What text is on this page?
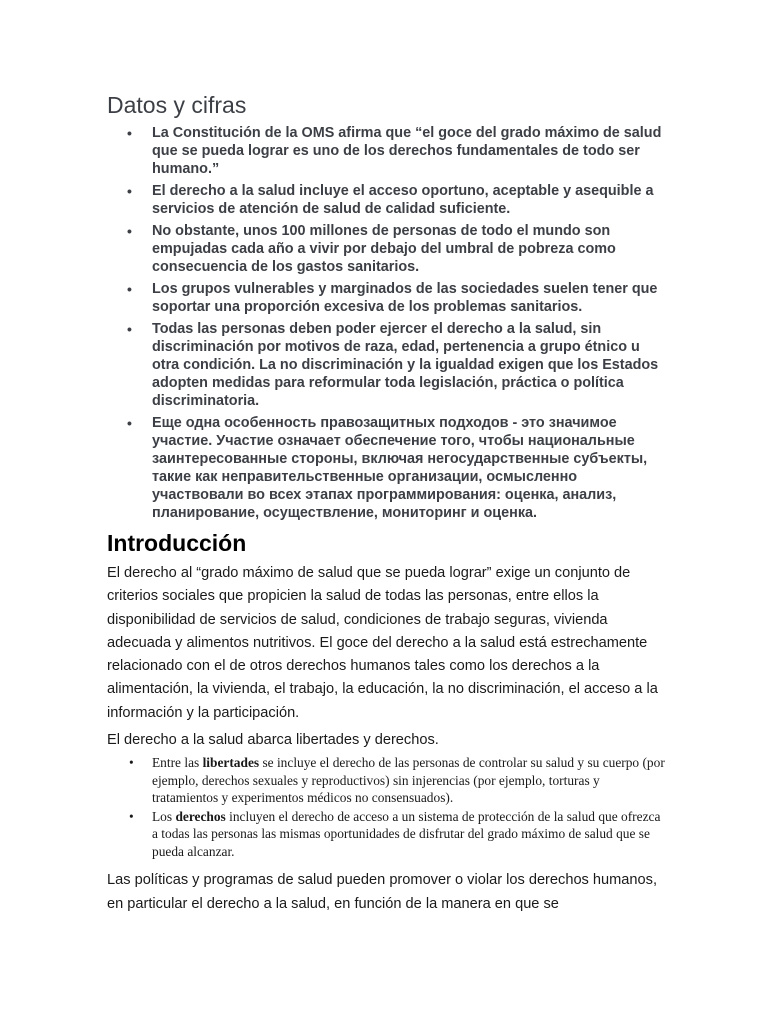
Datos y cifras
• La Constitución de la OMS afirma que “el goce del grado máximo de salud que se pueda lograr es uno de los derechos fundamentales de todo ser humano.”
• El derecho a la salud incluye el acceso oportuno, aceptable y asequible a servicios de atención de salud de calidad suficiente.
• No obstante, unos 100 millones de personas de todo el mundo son empujadas cada año a vivir por debajo del umbral de pobreza como consecuencia de los gastos sanitarios.
• Los grupos vulnerables y marginados de las sociedades suelen tener que soportar una proporción excesiva de los problemas sanitarios.
• Todas las personas deben poder ejercer el derecho a la salud, sin discriminación por motivos de raza, edad, pertenencia a grupo étnico u otra condición. La no discriminación y la igualdad exigen que los Estados adopten medidas para reformular toda legislación, práctica o política discriminatoria.
• Еще одна особенность правозащитных подходов - это значимое участие. Участие означает обеспечение того, чтобы национальные заинтересованные стороны, включая негосударственные субъекты, такие как неправительственные организации, осмысленно участвовали во всех этапах программирования: оценка, анализ, планирование, осуществление, мониторинг и оценка.
Introducción

El derecho al “grado máximo de salud que se pueda lograr” exige un conjunto de criterios sociales que propicien la salud de todas las personas, entre ellos la disponibilidad de servicios de salud, condiciones de trabajo seguras, vivienda adecuada y alimentos nutritivos. El goce del derecho a la salud está estrechamente relacionado con el de otros derechos humanos tales como los derechos a la alimentación, la vivienda, el trabajo, la educación, la no discriminación, el acceso a la información y la participación.

El derecho a la salud abarca libertades y derechos.

• Entre las libertades se incluye el derecho de las personas de controlar su salud y su cuerpo (por ejemplo, derechos sexuales y reproductivos) sin injerencias (por ejemplo, torturas y tratamientos y experimentos médicos no consensuados).
• Los derechos incluyen el derecho de acceso a un sistema de protección de la salud que ofrezca a todas las personas las mismas oportunidades de disfrutar del grado máximo de salud que se pueda alcanzar.

Las políticas y programas de salud pueden promover o violar los derechos humanos, en particular el derecho a la salud, en función de la manera en que se
